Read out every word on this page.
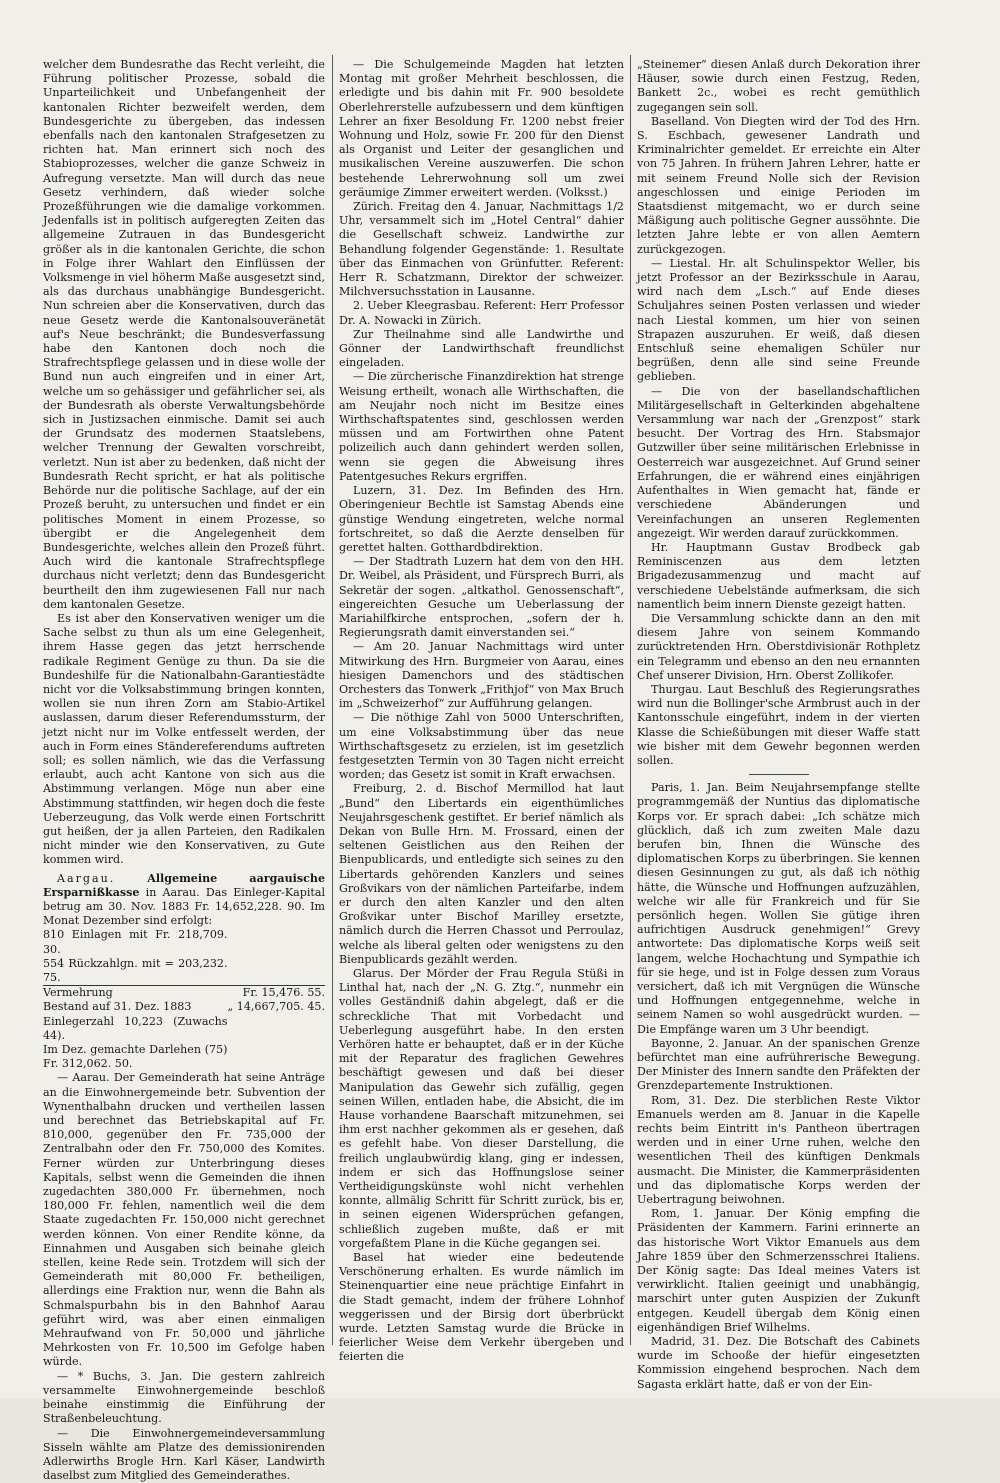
welcher dem Bundesrathe das Recht verleiht, die Führung politischer Prozesse, sobald die Unparteilichkeit und Unbefangenheit der kantonalen Richter bezweifelt werden, dem Bundesgerichte zu übergeben, das indessen ebenfalls nach den kantonalen Strafgesetzen zu richten hat. Man erinnert sich noch des Stabioprozesses, welcher die ganze Schweiz in Aufregung versetzte. Man will durch das neue Gesetz verhindern, daß wieder solche Prozeßführungen wie die damalige vorkommen. Jedenfalls ist in politisch aufgeregten Zeiten das allgemeine Zutrauen in das Bundesgericht größer als in die kantonalen Gerichte, die schon in Folge ihrer Wahlart den Einflüssen der Volksmenge in viel höherm Maße ausgesetzt sind, als das durchaus unabhängige Bundesgericht. Nun schreien aber die Konservativen, durch das neue Gesetz werde die Kantonalsouveränetät auf's Neue beschränkt; die Bundesverfassung habe den Kantonen doch noch die Strafrechtspflege gelassen und in diese wolle der Bund nun auch eingreifen und in einer Art, welche um so gehässiger und gefährlicher sei, als der Bundesrath als oberste Verwaltungsbehörde sich in Justizsachen einmische. Damit sei auch der Grundsatz des modernen Staatslebens, welcher Trennung der Gewalten vorschreibt, verletzt. Nun ist aber zu bedenken, daß nicht der Bundesrath Recht spricht, er hat als politische Behörde nur die politische Sachlage, auf der ein Prozeß beruht, zu untersuchen und findet er ein politisches Moment in einem Prozesse, so übergibt er die Angelegenheit dem Bundesgerichte, welches allein den Prozeß führt. Auch wird die kantonale Strafrechtspflege durchaus nicht verletzt; denn das Bundesgericht beurtheilt den ihm zugewiesenen Fall nur nach dem kantonalen Gesetze.

Es ist aber den Konservativen weniger um die Sache selbst zu thun als um eine Gelegenheit, ihrem Hasse gegen das jetzt herrschende radikale Regiment Genüge zu thun. Da sie die Bundeshilfe für die Nationalbahn-Garantiestädte nicht vor die Volksabstimmung bringen konnten, wollen sie nun ihren Zorn am Stabio-Artikel auslassen, darum dieser Referendumssturm, der jetzt nicht nur im Volke entfesselt werden, der auch in Form eines Ständereferendums auftreten soll; es sollen nämlich, wie das die Verfassung erlaubt, auch acht Kantone von sich aus die Abstimmung verlangen. Möge nun aber eine Abstimmung stattfinden, wir hegen doch die feste Ueberzeugung, das Volk werde einen Fortschritt gut heißen, der ja allen Parteien, den Radikalen nicht minder wie den Konservativen, zu Gute kommen wird.

Aargau.	Allgemeine aargauische Ersparnißkasse in Aarau. Das Einleger-Kapital betrug am 30. Nov. 1883 Fr. 14,652,228. 90. Im Monat Dezember sind erfolgt:

810 Einlagen mit Fr. 218,709. 30.	
554 Rückzahlgn. mit = 203,232. 75.	
Vermehrung	Fr. 15,476. 55.
Bestand auf 31. Dez. 1883	„ 14,667,705. 45.
Einlegerzahl 10,223 (Zuwachs 44).	
Im Dez. gemachte Darlehen (75) Fr. 312,062. 50.	

— Aarau. Der Gemeinderath hat seine Anträge an die Einwohnergemeinde betr. Subvention der Wynenthalbahn drucken und vertheilen lassen und berechnet das Betriebskapital auf Fr. 810,000, gegenüber den Fr. 735,000 der Zentralbahn oder den Fr. 750,000 des Komites. Ferner würden zur Unterbringung dieses Kapitals, selbst wenn die Gemeinden die ihnen zugedachten 380,000 Fr. übernehmen, noch 180,000 Fr. fehlen, namentlich weil die dem Staate zugedachten Fr. 150,000 nicht gerechnet werden können. Von einer Rendite könne, da Einnahmen und Ausgaben sich beinahe gleich stellen, keine Rede sein. Trotzdem will sich der Gemeinderath mit 80,000 Fr. betheiligen, allerdings eine Fraktion nur, wenn die Bahn als Schmalspurbahn bis in den Bahnhof Aarau geführt wird, was aber einen einmaligen Mehraufwand von Fr. 50,000 und jährliche Mehrkosten von Fr. 10,500 im Gefolge haben würde.

— * Buchs, 3. Jan. Die gestern zahlreich versammelte Einwohnergemeinde beschloß beinahe einstimmig die Einführung der Straßenbeleuchtung.

— Die Einwohnergemeindeversammlung Sisseln wählte am Platze des demissionirenden Adlerwirths Brogle Hrn. Karl Käser, Landwirth daselbst zum Mitglied des Gemeinderathes.

— Die Schulgemeinde Magden hat letzten Montag mit großer Mehrheit beschlossen, die erledigte und bis dahin mit Fr. 900 besoldete Oberlehrerstelle aufzubessern und dem künftigen Lehrer an fixer Besoldung Fr. 1200 nebst freier Wohnung und Holz, sowie Fr. 200 für den Dienst als Organist und Leiter der gesanglichen und musikalischen Vereine auszuwerfen. Die schon bestehende Lehrerwohnung soll um zwei geräumige Zimmer erweitert werden. (Volksst.)

Zürich. Freitag den 4. Januar, Nachmittags 1/2 Uhr, versammelt sich im „Hotel Central“ dahier die Gesellschaft schweiz. Landwirthe zur Behandlung folgender Gegenstände: 1. Resultate über das Einmachen von Grünfutter. Referent: Herr R. Schatzmann, Direktor der schweizer. Milchversuchsstation in Lausanne.

2. Ueber Kleegrasbau. Referent: Herr Professor Dr. A. Nowacki in Zürich.

Zur Theilnahme sind alle Landwirthe und Gönner der Landwirthschaft freundlichst eingeladen.

— Die zürcherische Finanzdirektion hat strenge Weisung ertheilt, wonach alle Wirthschaften, die am Neujahr noch nicht im Besitze eines Wirthschaftspatentes sind, geschlossen werden müssen und am Fortwirthen ohne Patent polizeilich auch dann gehindert werden sollen, wenn sie gegen die Abweisung ihres Patentgesuches Rekurs ergriffen.

Luzern, 31. Dez. Im Befinden des Hrn. Oberingenieur Bechtle ist Samstag Abends eine günstige Wendung eingetreten, welche normal fortschreitet, so daß die Aerzte denselben für gerettet halten. Gotthardbdirektion.

— Der Stadtrath Luzern hat dem von den HH. Dr. Weibel, als Präsident, und Fürsprech Burri, als Sekretär der sogen. „altkathol. Genossenschaft“, eingereichten Gesuche um Ueberlassung der Mariahilfkirche entsprochen, „sofern der h. Regierungsrath damit einverstanden sei.“

— Am 20. Januar Nachmittags wird unter Mitwirkung des Hrn. Burgmeier von Aarau, eines hiesigen Damenchors und des städtischen Orchesters das Tonwerk „Frithjof“ von Max Bruch im „Schweizerhof“ zur Aufführung gelangen.

— Die nöthige Zahl von 5000 Unterschriften, um eine Volksabstimmung über das neue Wirthschaftsgesetz zu erzielen, ist im gesetzlich festgesetzten Termin von 30 Tagen nicht erreicht worden; das Gesetz ist somit in Kraft erwachsen.

Freiburg, 2. d. Bischof Mermillod hat laut „Bund“ den Libertards ein eigenthümliches Neujahrsgeschenk gestiftet. Er berief nämlich als Dekan von Bulle Hrn. M. Frossard, einen der seltenen Geistlichen aus den Reihen der Bienpublicards, und entledigte sich seines zu den Libertards gehörenden Kanzlers und seines Großvikars von der nämlichen Parteifarbe, indem er durch den alten Kanzler und den alten Großvikar unter Bischof Marilley ersetzte, nämlich durch die Herren Chassot und Perroulaz, welche als liberal gelten oder wenigstens zu den Bienpublicards gezählt werden.

Glarus. Der Mörder der Frau Regula Stüßi in Linthal hat, nach der „N. G. Ztg.“, nunmehr ein volles Geständniß dahin abgelegt, daß er die schreckliche That mit Vorbedacht und Ueberlegung ausgeführt habe. In den ersten Verhören hatte er behauptet, daß er in der Küche mit der Reparatur des fraglichen Gewehres beschäftigt gewesen und daß bei dieser Manipulation das Gewehr sich zufällig, gegen seinen Willen, entladen habe, die Absicht, die im Hause vorhandene Baarschaft mitzunehmen, sei ihm erst nachher gekommen als er gesehen, daß es gefehlt habe. Von dieser Darstellung, die freilich unglaubwürdig klang, ging er indessen, indem er sich das Hoffnungslose seiner Vertheidigungskünste wohl nicht verhehlen konnte, allmälig Schritt für Schritt zurück, bis er, in seinen eigenen Widersprüchen gefangen, schließlich zugeben mußte, daß er mit vorgefaßtem Plane in die Küche gegangen sei.

Basel hat wieder eine bedeutende Verschönerung erhalten. Es wurde nämlich im Steinenquartier eine neue prächtige Einfahrt in die Stadt gemacht, indem der frühere Lohnhof weggerissen und der Birsig dort überbrückt wurde. Letzten Samstag wurde die Brücke in feierlicher Weise dem Verkehr übergeben und feierten die

„Steinemer“ diesen Anlaß durch Dekoration ihrer Häuser, sowie durch einen Festzug, Reden, Bankett 2c., wobei es recht gemüthlich zugegangen sein soll.

Baselland. Von Diegten wird der Tod des Hrn. S. Eschbach, gewesener Landrath und Kriminalrichter gemeldet. Er erreichte ein Alter von 75 Jahren. In frühern Jahren Lehrer, hatte er mit seinem Freund Nolle sich der Revision angeschlossen und einige Perioden im Staatsdienst mitgemacht, wo er durch seine Mäßigung auch politische Gegner aussöhnte. Die letzten Jahre lebte er von allen Aemtern zurückgezogen.

— Liestal. Hr. alt Schulinspektor Weller, bis jetzt Professor an der Bezirksschule in Aarau, wird nach dem „Lsch.“ auf Ende dieses Schuljahres seinen Posten verlassen und wieder nach Liestal kommen, um hier von seinen Strapazen auszuruhen. Er weiß, daß diesen Entschluß seine ehemaligen Schüler nur begrüßen, denn alle sind seine Freunde geblieben.

— Die von der basellandschaftlichen Militärgesellschaft in Gelterkinden abgehaltene Versammlung war nach der „Grenzpost“ stark besucht. Der Vortrag des Hrn. Stabsmajor Gutzwiller über seine militärischen Erlebnisse in Oesterreich war ausgezeichnet. Auf Grund seiner Erfahrungen, die er während eines einjährigen Aufenthaltes in Wien gemacht hat, fände er verschiedene Abänderungen und Vereinfachungen an unseren Reglementen angezeigt. Wir werden darauf zurückkommen.

Hr. Hauptmann Gustav Brodbeck gab Reminiscenzen aus dem letzten Brigadezusammenzug und macht auf verschiedene Uebelstände aufmerksam, die sich namentlich beim innern Dienste gezeigt hatten.

Die Versammlung schickte dann an den mit diesem Jahre von seinem Kommando zurücktretenden Hrn. Oberstdivisionär Rothpletz ein Telegramm und ebenso an den neu ernannten Chef unserer Division, Hrn. Oberst Zollikofer.

Thurgau. Laut Beschluß des Regierungsrathes wird nun die Bollinger'sche Armbrust auch in der Kantonsschule eingeführt, indem in der vierten Klasse die Schießübungen mit dieser Waffe statt wie bisher mit dem Gewehr begonnen werden sollen.

Paris, 1. Jan. Beim Neujahrsempfange stellte programmgemäß der Nuntius das diplomatische Korps vor. Er sprach dabei: „Ich schätze mich glücklich, daß ich zum zweiten Male dazu berufen bin, Ihnen die Wünsche des diplomatischen Korps zu überbringen. Sie kennen diesen Gesinnungen zu gut, als daß ich nöthig hätte, die Wünsche und Hoffnungen aufzuzählen, welche wir alle für Frankreich und für Sie persönlich hegen. Wollen Sie gütige ihren aufrichtigen Ausdruck genehmigen!“ Grevy antwortete: Das diplomatische Korps weiß seit langem, welche Hochachtung und Sympathie ich für sie hege, und ist in Folge dessen zum Voraus versichert, daß ich mit Vergnügen die Wünsche und Hoffnungen entgegennehme, welche in seinem Namen so wohl ausgedrückt wurden. — Die Empfänge waren um 3 Uhr beendigt.

Bayonne, 2. Januar. An der spanischen Grenze befürchtet man eine aufrührerische Bewegung. Der Minister des Innern sandte den Präfekten der Grenzdepartemente Instruktionen.

Rom, 31. Dez. Die sterblichen Reste Viktor Emanuels werden am 8. Januar in die Kapelle rechts beim Eintritt in's Pantheon übertragen werden und in einer Urne ruhen, welche den wesentlichen Theil des künftigen Denkmals ausmacht. Die Minister, die Kammerpräsidenten und das diplomatische Korps werden der Uebertragung beiwohnen.

Rom, 1. Januar. Der König empfing die Präsidenten der Kammern. Farini erinnerte an das historische Wort Viktor Emanuels aus dem Jahre 1859 über den Schmerzensschrei Italiens. Der König sagte: Das Ideal meines Vaters ist verwirklicht. Italien geeinigt und unabhängig, marschirt unter guten Auspizien der Zukunft entgegen. Keudell übergab dem König einen eigenhändigen Brief Wilhelms.

Madrid, 31. Dez. Die Botschaft des Cabinets wurde im Schooße der hiefür eingesetzten Kommission eingehend besprochen. Nach dem Sagasta erklärt hatte, daß er von der Ein-
